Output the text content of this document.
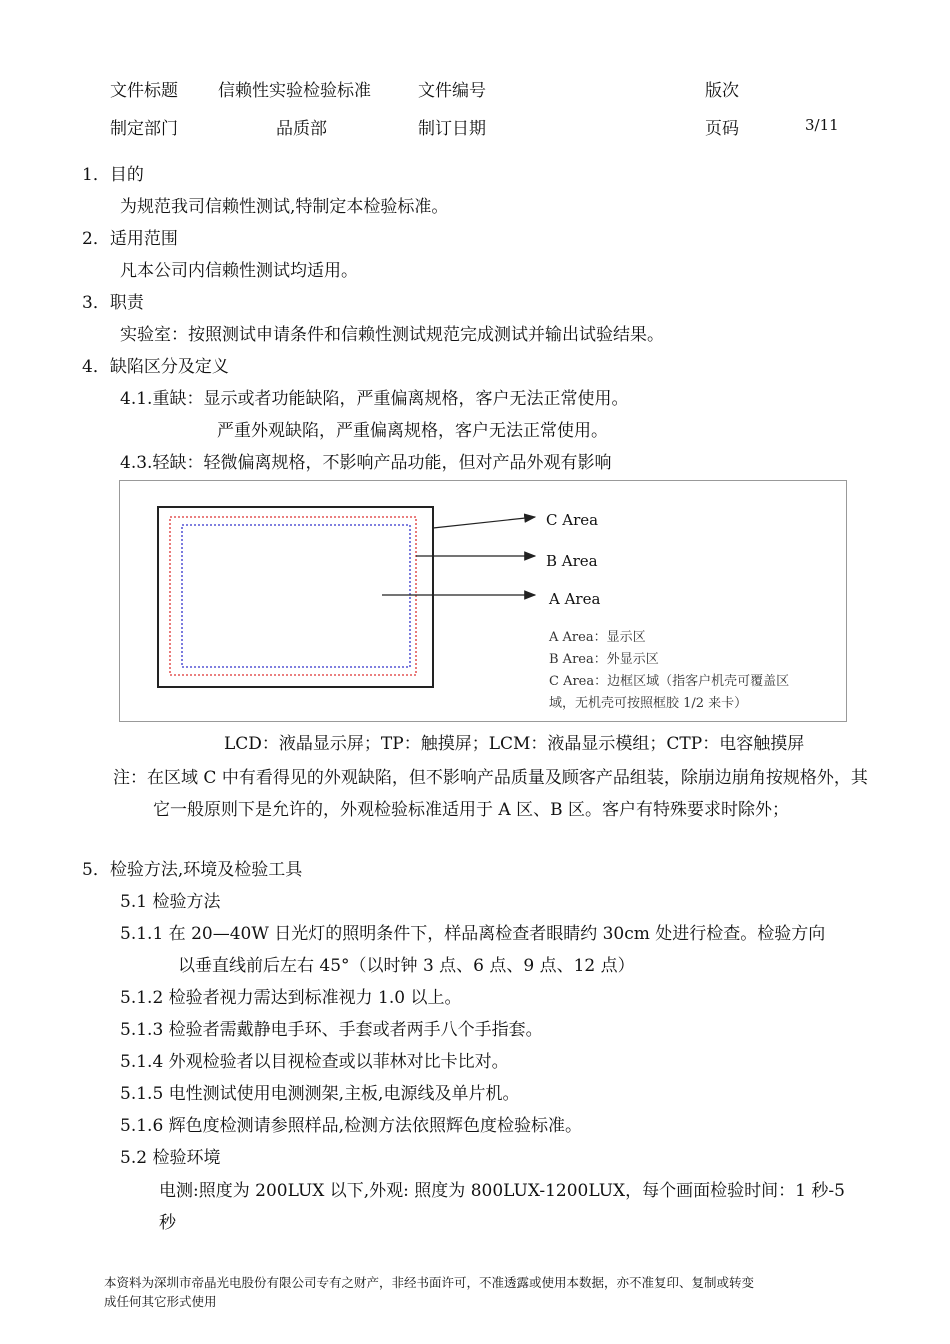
文件标题 信赖性实验检验标准	文件编号	版次
制定部门	品质部	制订日期	页码	3/11
1．目的
为规范我司信赖性测试,特制定本检验标准。
2．适用范围
凡本公司内信赖性测试均适用。
3．职责
实验室：按照测试申请条件和信赖性测试规范完成测试并输出试验结果。
4．缺陷区分及定义
4.1.重缺：显示或者功能缺陷，严重偏离规格，客户无法正常使用。
严重外观缺陷，严重偏离规格，客户无法正常使用。
4.3.轻缺：轻微偏离规格，不影响产品功能，但对产品外观有影响
C Area
B Area
A Area
A Area：显示区
B Area：外显示区
C Area：边框区域（指客户机壳可覆盖区
域，无机壳可按照框胶 1/2 来卡）
LCD：液晶显示屏；TP：触摸屏；LCM：液晶显示模组；CTP：电容触摸屏
注：在区域 C 中有看得见的外观缺陷，但不影响产品质量及顾客产品组装，除崩边崩角按规格外，其它一般原则下是允许的，外观检验标准适用于 A 区、B 区。客户有特殊要求时除外；
5．检验方法,环境及检验工具
5.1 检验方法
5.1.1 在 20—40W 日光灯的照明条件下，样品离检查者眼睛约 30cm 处进行检查。检验方向
以垂直线前后左右 45°（以时钟 3 点、6 点、9 点、12 点）
5.1.2 检验者视力需达到标准视力 1.0 以上。
5.1.3 检验者需戴静电手环、手套或者两手八个手指套。
5.1.4 外观检验者以目视检查或以菲林对比卡比对。
5.1.5 电性测试使用电测测架,主板,电源线及单片机。
5.1.6 辉色度检测请参照样品,检测方法依照辉色度检验标准。
5.2 检验环境
电测:照度为 200LUX 以下,外观: 照度为 800LUX-1200LUX，每个画面检验时间：1 秒-5
秒
本资料为深圳市帝晶光电股份有限公司专有之财产，非经书面许可，不准透露或使用本数据，亦不准复印、复制或转变
成任何其它形式使用
